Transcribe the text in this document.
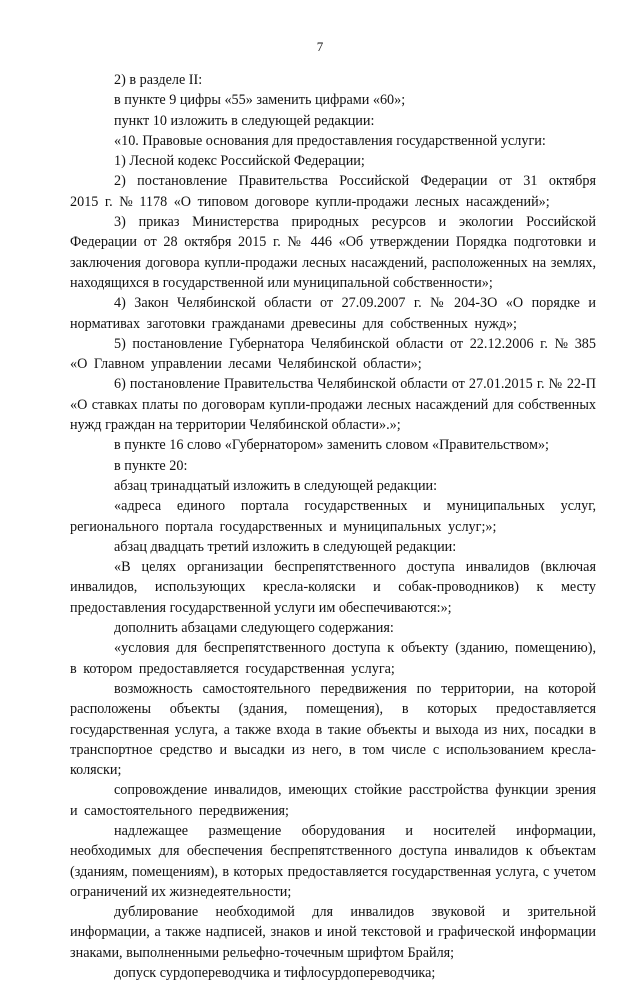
7

2) в разделе II:

в пункте 9 цифры «55» заменить цифрами «60»;

пункт 10 изложить в следующей редакции:

«10. Правовые основания для предоставления государственной услуги:

1) Лесной кодекс Российской Федерации;

2) постановление Правительства Российской Федерации от 31 октября 2015 г. № 1178 «О типовом договоре купли-продажи лесных насаждений»;

3) приказ Министерства природных ресурсов и экологии Российской Федерации от 28 октября 2015 г. № 446 «Об утверждении Порядка подготовки и заключения договора купли-продажи лесных насаждений, расположенных на землях, находящихся в государственной или муниципальной собственности»;

4) Закон Челябинской области от 27.09.2007 г. № 204-ЗО «О порядке и нормативах заготовки гражданами древесины для собственных нужд»;

5) постановление Губернатора Челябинской области от 22.12.2006 г. № 385 «О Главном управлении лесами Челябинской области»;

6) постановление Правительства Челябинской области от 27.01.2015 г. № 22-П «О ставках платы по договорам купли-продажи лесных насаждений для собственных нужд граждан на территории Челябинской области».»;

в пункте 16 слово «Губернатором» заменить словом «Правительством»;

в пункте 20:

абзац тринадцатый изложить в следующей редакции:

«адреса единого портала государственных и муниципальных услуг, регионального портала государственных и муниципальных услуг;»;

абзац двадцать третий изложить в следующей редакции:

«В целях организации беспрепятственного доступа инвалидов (включая инвалидов, использующих кресла-коляски и собак-проводников) к месту предоставления государственной услуги им обеспечиваются:»;

дополнить абзацами следующего содержания:

«условия для беспрепятственного доступа к объекту (зданию, помещению), в котором предоставляется государственная услуга;

возможность самостоятельного передвижения по территории, на которой расположены объекты (здания, помещения), в которых предоставляется государственная услуга, а также входа в такие объекты и выхода из них, посадки в транспортное средство и высадки из него, в том числе с использованием кресла-коляски;

сопровождение инвалидов, имеющих стойкие расстройства функции зрения и самостоятельного передвижения;

надлежащее размещение оборудования и носителей информации, необходимых для обеспечения беспрепятственного доступа инвалидов к объектам (зданиям, помещениям), в которых предоставляется государственная услуга, с учетом ограничений их жизнедеятельности;

дублирование необходимой для инвалидов звуковой и зрительной информации, а также надписей, знаков и иной текстовой и графической информации знаками, выполненными рельефно-точечным шрифтом Брайля;

допуск сурдопереводчика и тифлосурдопереводчика;
